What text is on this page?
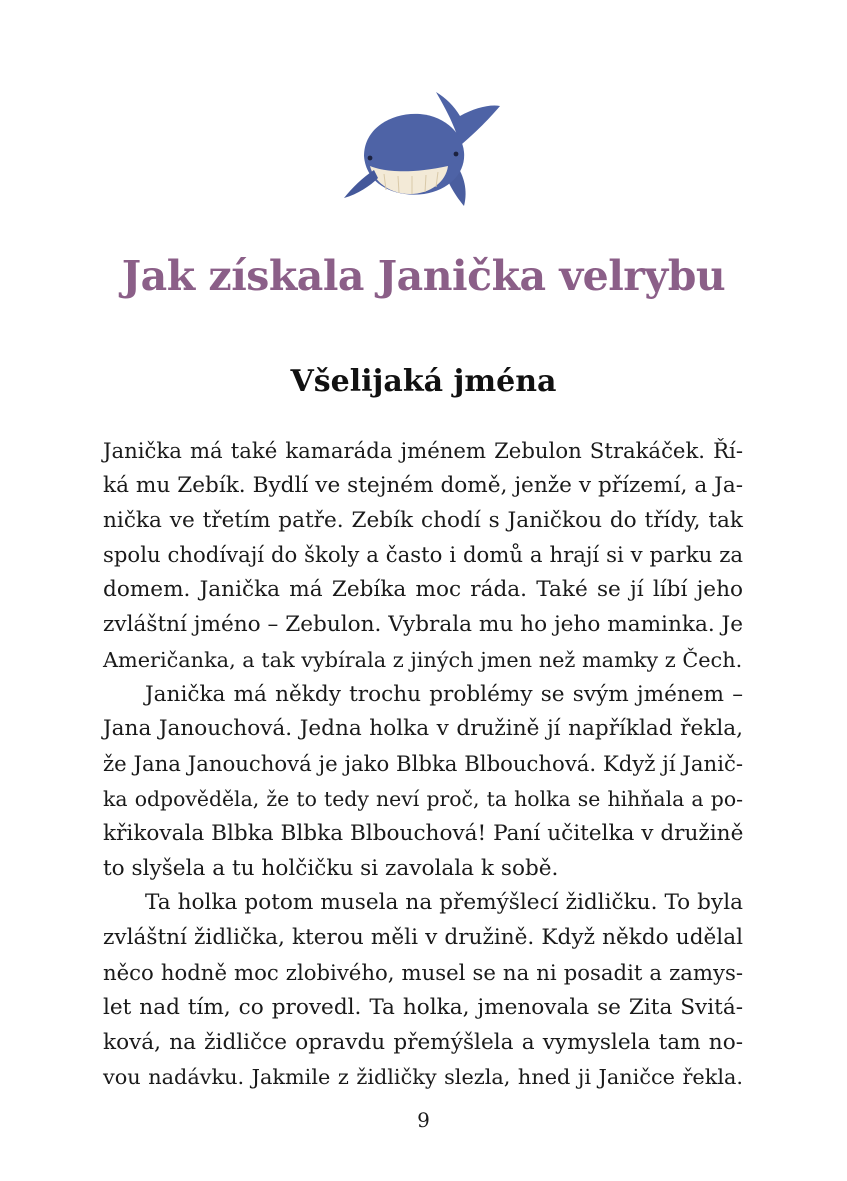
Jak získala Janička velrybu
Všelijaká jména
Janička má také kamaráda jménem Zebulon Strakáček. Ří-
ká mu Zebík. Bydlí ve stejném domě, jenže v přízemí, a Ja-
nička ve třetím patře. Zebík chodí s Janičkou do třídy, tak
spolu chodívají do školy a často i domů a hrají si v parku za
domem. Janička má Zebíka moc ráda. Také se jí líbí jeho
zvláštní jméno – Zebulon. Vybrala mu ho jeho maminka. Je
Američanka, a tak vybírala z jiných jmen než mamky z Čech.
Janička má někdy trochu problémy se svým jménem –
Jana Janouchová. Jedna holka v družině jí například řekla,
že Jana Janouchová je jako Blbka Blbouchová. Když jí Janič-
ka odpověděla, že to tedy neví proč, ta holka se hihňala a po-
křikovala Blbka Blbka Blbouchová! Paní učitelka v družině
to slyšela a tu holčičku si zavolala k sobě.
Ta holka potom musela na přemýšlecí židličku. To byla
zvláštní židlička, kterou měli v družině. Když někdo udělal
něco hodně moc zlobivého, musel se na ni posadit a zamys-
let nad tím, co provedl. Ta holka, jmenovala se Zita Svitá-
ková, na židličce opravdu přemýšlela a vymyslela tam no-
vou nadávku. Jakmile z židličky slezla, hned ji Janičce řekla.
9
